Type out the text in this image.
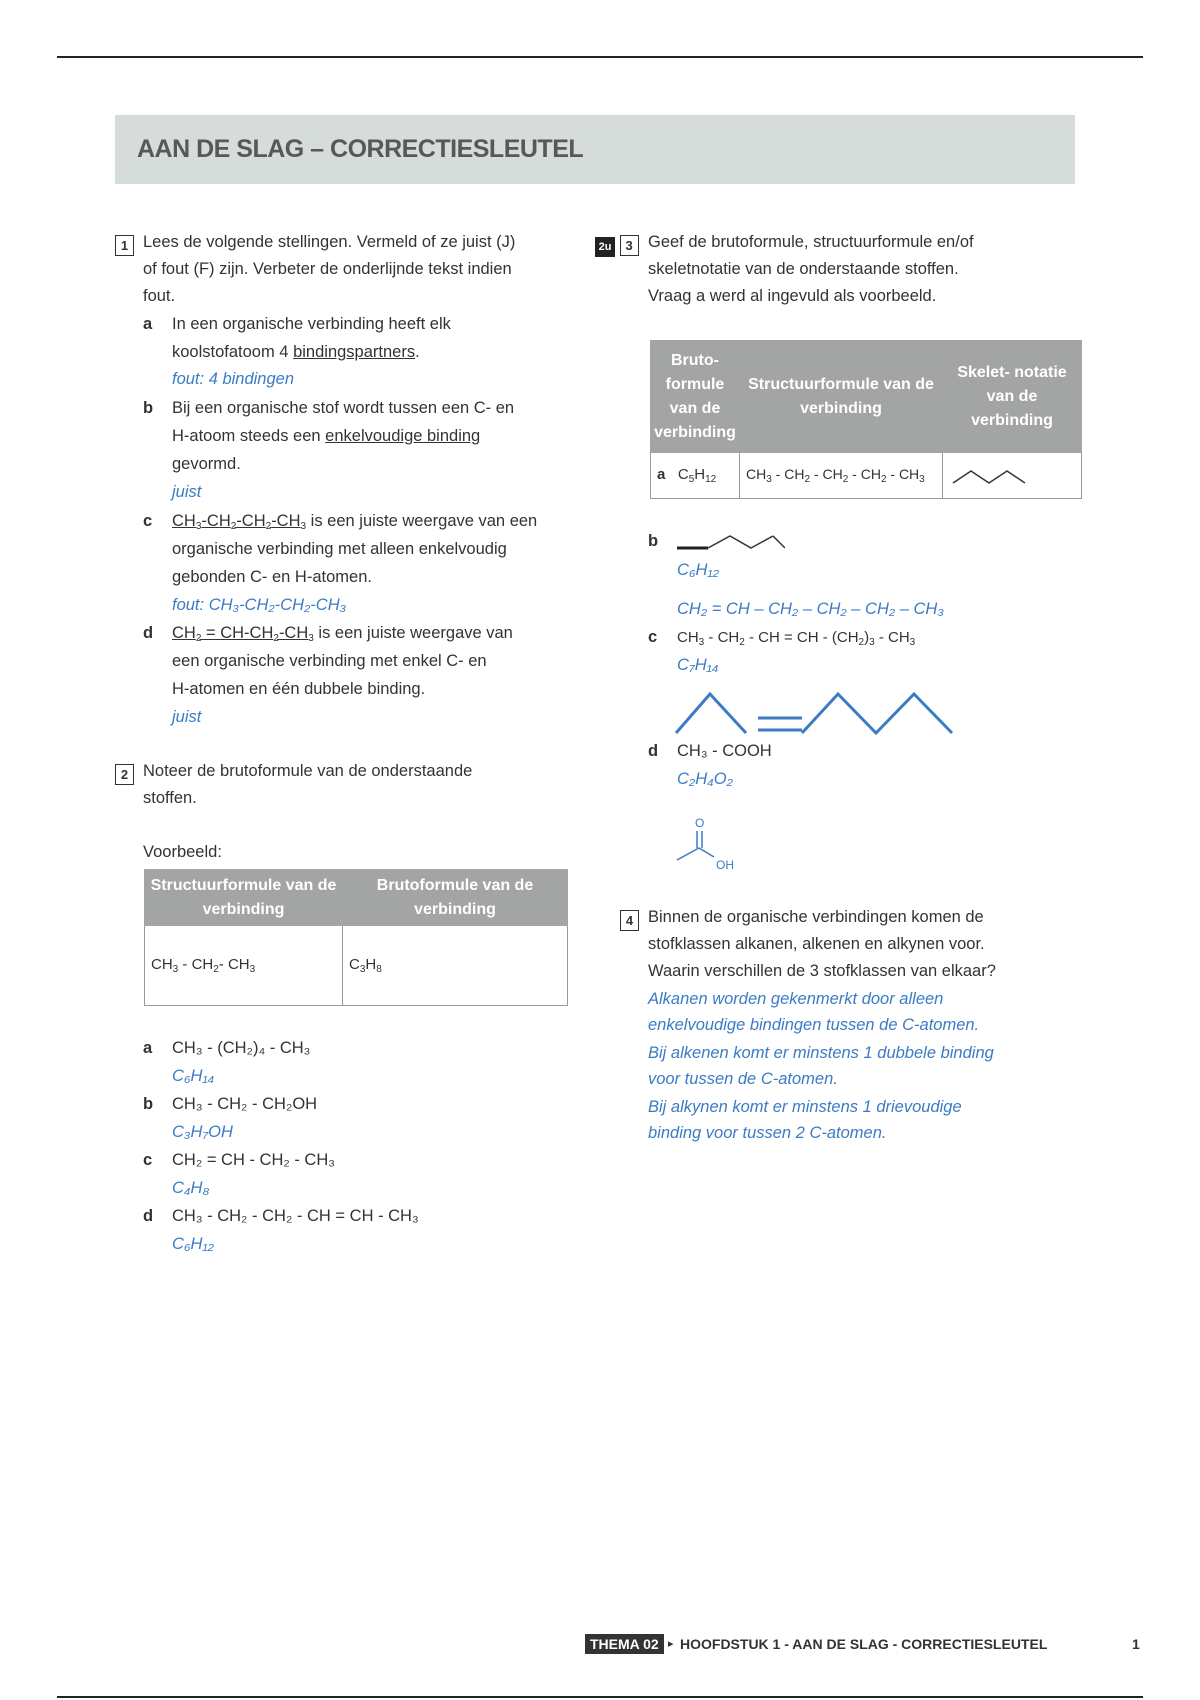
AAN DE SLAG – CORRECTIESLEUTEL
1 Lees de volgende stellingen. Vermeld of ze juist (J)
of fout (F) zijn. Verbeter de onderlijnde tekst indien
fout.
a In een organische verbinding heeft elk
koolstofatoom 4 bindingspartners.
fout: 4 bindingen
b Bij een organische stof wordt tussen een C- en
H-atoom steeds een enkelvoudige binding
gevormd.
juist
c $CH_3-CH_2-CH_2-CH_3$ is een juiste weergave van een
organische verbinding met alleen enkelvoudig
gebonden C- en H-atomen.
fout: CH₃-CH₂-CH₂-CH₃
d $CH_2 = CH-CH_2-CH_3$ is een juiste weergave van
een organische verbinding met enkel C- en
H-atomen en één dubbele binding.
juist
2 Noteer de brutoformule van de onderstaande
stoffen.
Voorbeeld:
Structuurformule van de verbinding	Brutoformule van de verbinding
$CH_3 - CH_2-$ $CH_3$	$C_3H_8$
a CH₃ - (CH₂)₄ - CH₃
C₆H₁₄
b CH₃ - CH₂ - CH₂OH
C₃H₇OH
c CH₂ = CH - CH₂ - CH₃
C₄H₈
d CH₃ - CH₂ - CH₂ - CH = CH - CH₃
C₆H₁₂
2u 3 Geef de brutoformule, structuurformule en/of
skeletnotatie van de onderstaande stoffen.
Vraag a werd al ingevuld als voorbeeld.
Bruto- formule van de verbinding	Structuurformule van de verbinding	Skelet- notatie van de verbinding
a   $C_5H_{12}$	$CH_3 - CH_2 - CH_2 - CH_2 - CH_3$	
b
C₆H₁₂
CH₂ = CH – CH₂ – CH₂ – CH₂ – CH₃
c $CH_3 - CH_2$ - CH = CH - $(CH_2)_3 - CH_3$
C₇H₁₄
d CH₃ - COOH
C₂H₄O₂
O
OH
4 Binnen de organische verbindingen komen de
stofklassen alkanen, alkenen en alkynen voor.
Waarin verschillen de 3 stofklassen van elkaar?
Alkanen worden gekenmerkt door alleen
enkelvoudige bindingen tussen de C-atomen.
Bij alkenen komt er minstens 1 dubbele binding
voor tussen de C-atomen.
Bij alkynen komt er minstens 1 drievoudige
binding voor tussen 2 C-atomen.
THEMA 02 ▸ HOOFDSTUK 1 - AAN DE SLAG - CORRECTIESLEUTEL	1
